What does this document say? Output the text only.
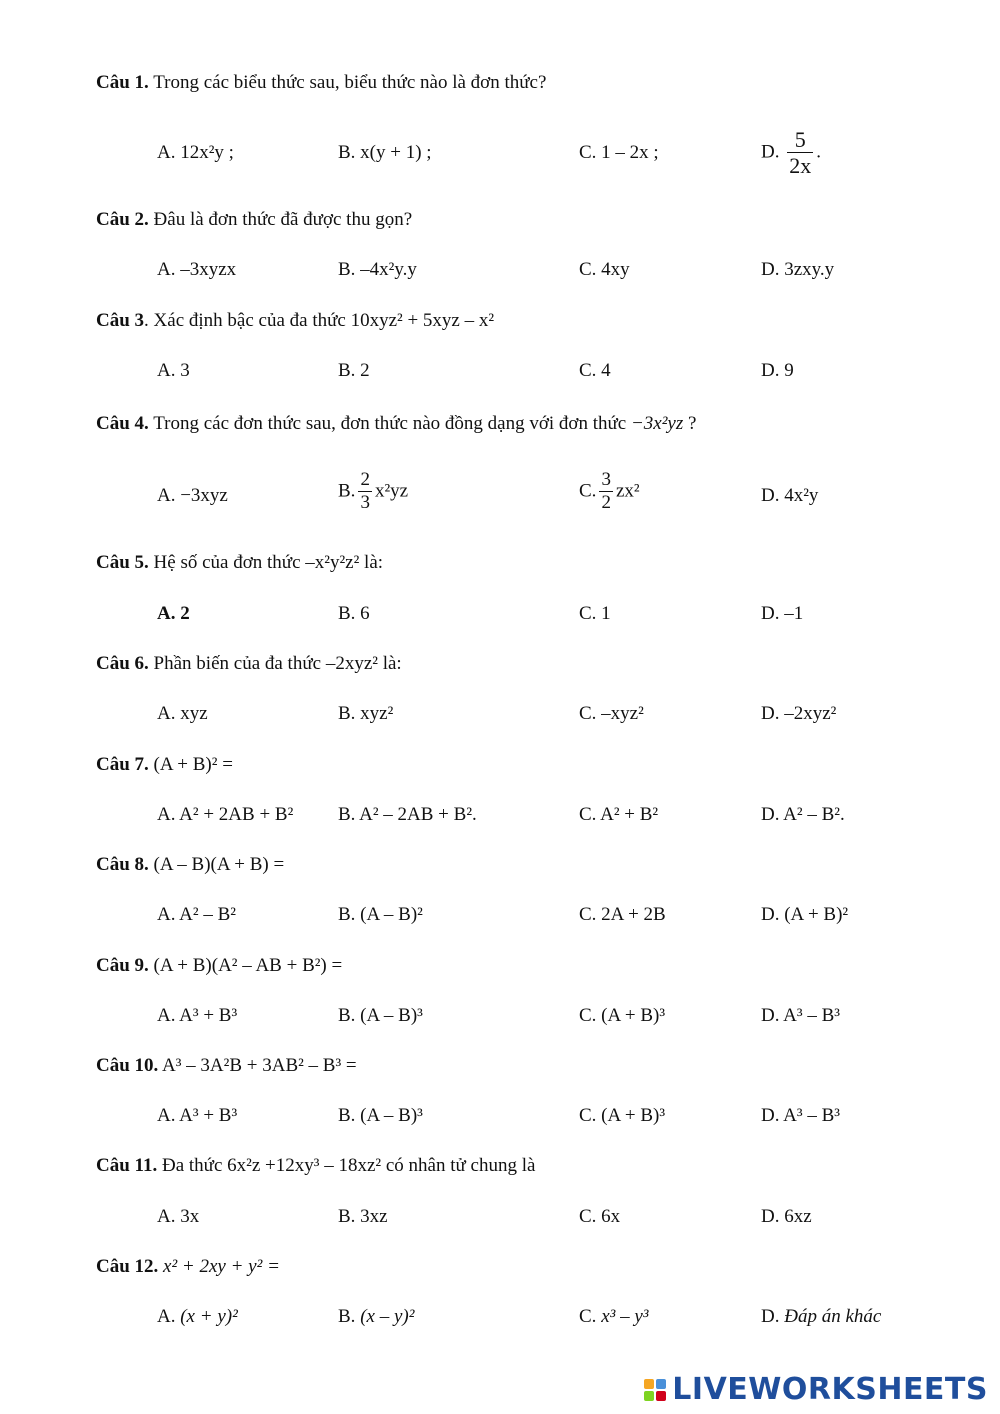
Câu 1. Trong các biểu thức sau, biểu thức nào là đơn thức?
A. 12x²y ;	B. x(y + 1) ;	C. 1 – 2x ;	D. $\frac{5}{2x}$ .
Câu 2. Đâu là đơn thức đã được thu gọn?
A. –3xyzx	B. –4x²y.y	C. 4xy	D. 3zxy.y
Câu 3. Xác định bậc của đa thức 10xyz² + 5xyz – x²
A. 3	B. 2	C. 4	D. 9
Câu 4. Trong các đơn thức sau, đơn thức nào đồng dạng với đơn thức −3x²yz ?
A. −3xyz	B. $\frac{2}{3} x^2yz$	C. $\frac{3}{2} zx^2$	D. 4x²y
Câu 5. Hệ số của đơn thức –x²y²z² là:
A. 2	B. 6	C. 1	D. –1
Câu 6. Phần biến của đa thức –2xyz² là:
A. xyz	B. xyz²	C. –xyz²	D. –2xyz²
Câu 7. (A + B)² =
A. A² + 2AB + B² B. A² – 2AB + B².	C. A² + B²	D. A² – B².
Câu 8. (A – B)(A + B) =
A. A² – B²	B. (A – B)²	C. 2A + 2B	D. (A + B)²
Câu 9. (A + B)(A² – AB + B²) =
A. A³ + B³	B. (A – B)³	C. (A + B)³	D. A³ – B³
Câu 10. A³ – 3A²B + 3AB² – B³ =
A. A³ + B³	B. (A – B)³	C. (A + B)³	D. A³ – B³
Câu 11. Đa thức 6x²z +12xy³ – 18xz² có nhân tử chung là
A. 3x	B. 3xz	C. 6x	D. 6xz
Câu 12. x² + 2xy + y² =
A. (x + y)²	B. (x – y)²	C. x³ – y³	D. Đáp án khác
LIVEWORKSHEETS
